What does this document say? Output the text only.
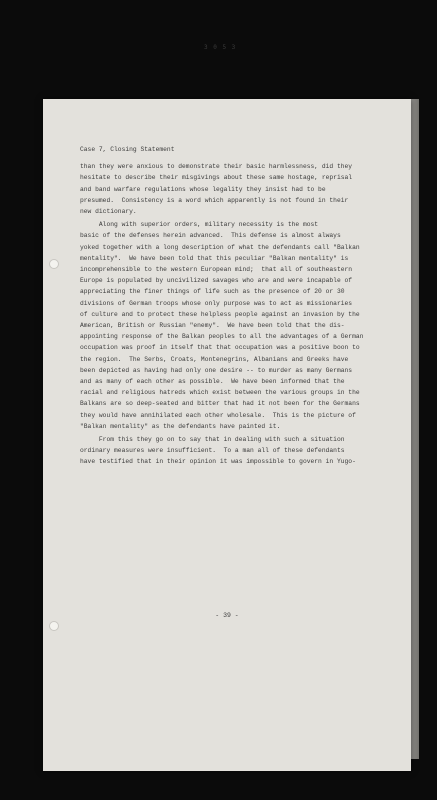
3 0 5 3
Case 7, Closing Statement
than they were anxious to demonstrate their basic harmlessness, did they
hesitate to describe their misgivings about these same hostage, reprisal
and band warfare regulations whose legality they insist had to be
presumed.  Consistency is a word which apparently is not found in their
new dictionary.
Along with superior orders, military necessity is the most
basic of the defenses herein advanced.  This defense is almost always
yoked together with a long description of what the defendants call "Balkan
mentality".  We have been told that this peculiar "Balkan mentality" is
incomprehensible to the western European mind;  that all of southeastern
Europe is populated by uncivilized savages who are and were incapable of
appreciating the finer things of life such as the presence of 20 or 30
divisions of German troops whose only purpose was to act as missionaries
of culture and to protect these helpless people against an invasion by the
American, British or Russian "enemy".  We have been told that the dis-
appointing response of the Balkan peoples to all the advantages of a German
occupation was proof in itself that that occupation was a positive boon to
the region.  The Serbs, Croats, Montenegrins, Albanians and Greeks have
been depicted as having had only one desire -- to murder as many Germans
and as many of each other as possible.  We have been informed that the
racial and religious hatreds which exist between the various groups in the
Balkans are so deep-seated and bitter that had it not been for the Germans
they would have annihilated each other wholesale.  This is the picture of
"Balkan mentality" as the defendants have painted it.
From this they go on to say that in dealing with such a situation
ordinary measures were insufficient.  To a man all of these defendants
have testified that in their opinion it was impossible to govern in Yugo-
- 39 -
